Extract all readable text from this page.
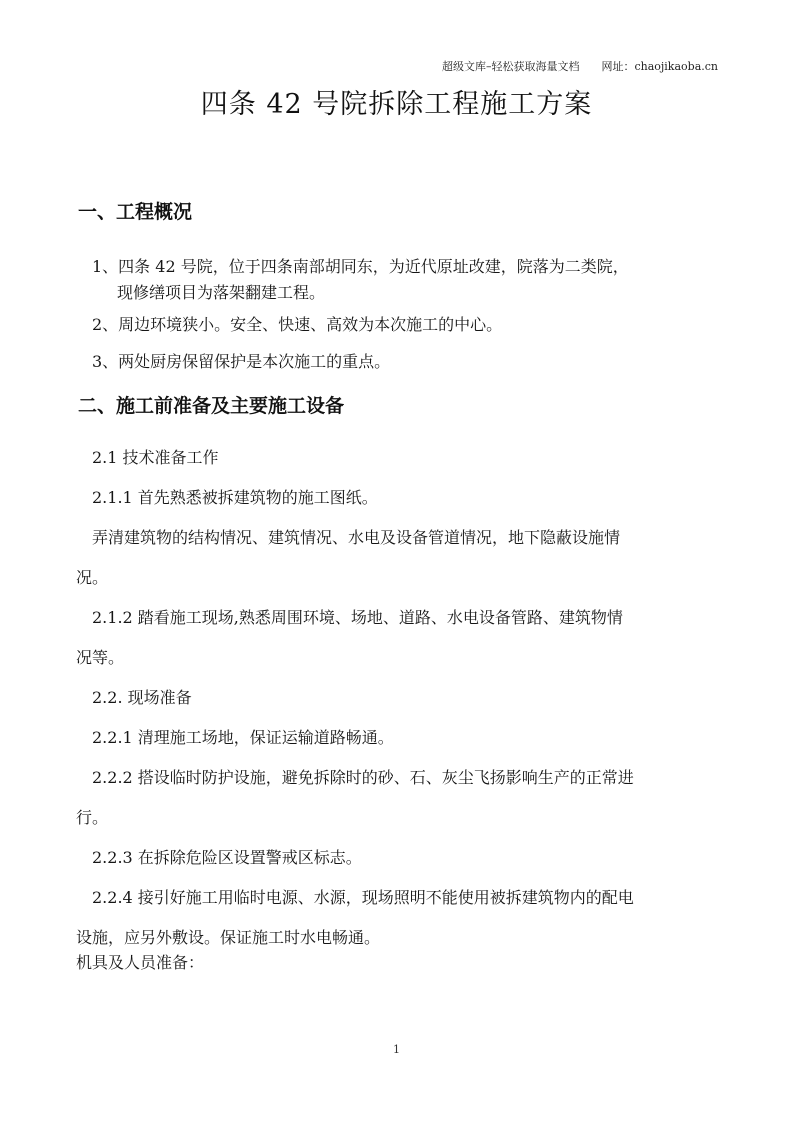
超级文库–轻松获取海量文档 网址：chaojikaoba.cn
四条 42 号院拆除工程施工方案
一、工程概况
1、四条 42 号院，位于四条南部胡同东，为近代原址改建，院落为二类院，
现修缮项目为落架翻建工程。
2、周边环境狭小。安全、快速、高效为本次施工的中心。
3、两处厨房保留保护是本次施工的重点。
二、施工前准备及主要施工设备
2.1 技术准备工作
2.1.1 首先熟悉被拆建筑物的施工图纸。
弄清建筑物的结构情况、建筑情况、水电及设备管道情况，地下隐蔽设施情
况。
2.1.2 踏看施工现场,熟悉周围环境、场地、道路、水电设备管路、建筑物情
况等。
2.2. 现场准备
2.2.1 清理施工场地，保证运输道路畅通。
2.2.2 搭设临时防护设施，避免拆除时的砂、石、灰尘飞扬影响生产的正常进
行。
2.2.3 在拆除危险区设置警戒区标志。
2.2.4 接引好施工用临时电源、水源，现场照明不能使用被拆建筑物内的配电
设施，应另外敷设。保证施工时水电畅通。
机具及人员准备：
1
